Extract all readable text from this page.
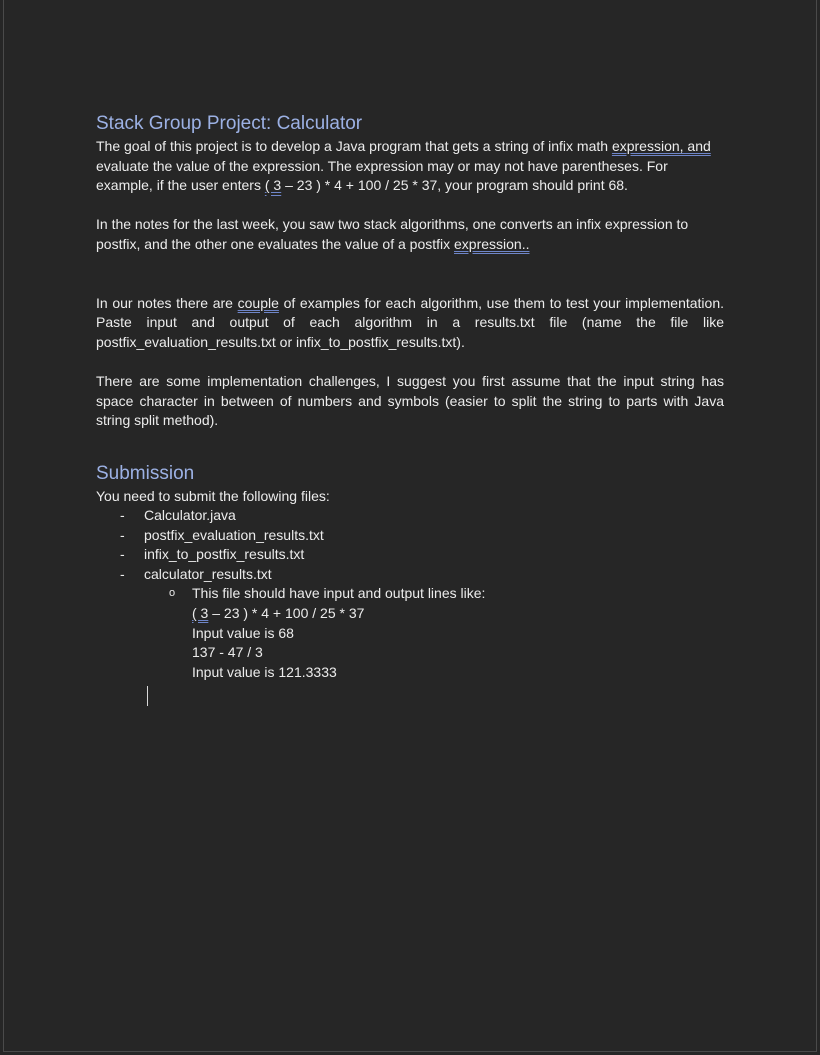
Stack Group Project: Calculator

The goal of this project is to develop a Java program that gets a string of infix math expression, and evaluate the value of the expression. The expression may or may not have parentheses. For example, if the user enters ( 3 – 23 ) * 4 + 100 / 25 * 37, your program should print 68.

In the notes for the last week, you saw two stack algorithms, one converts an infix expression to postfix, and the other one evaluates the value of a postfix expression..

In our notes there are couple of examples for each algorithm, use them to test your implementation. Paste input and output of each algorithm in a results.txt file (name the file like postfix_evaluation_results.txt or infix_to_postfix_results.txt).

There are some implementation challenges, I suggest you first assume that the input string has space character in between of numbers and symbols (easier to split the string to parts with Java string split method).

Submission

You need to submit the following files:

- Calculator.java
- postfix_evaluation_results.txt
- infix_to_postfix_results.txt
- calculator_results.txt
o This file should have input and output lines like:

( 3 – 23 ) * 4 + 100 / 25 * 37

Input value is 68

137 - 47 / 3

Input value is 121.3333
